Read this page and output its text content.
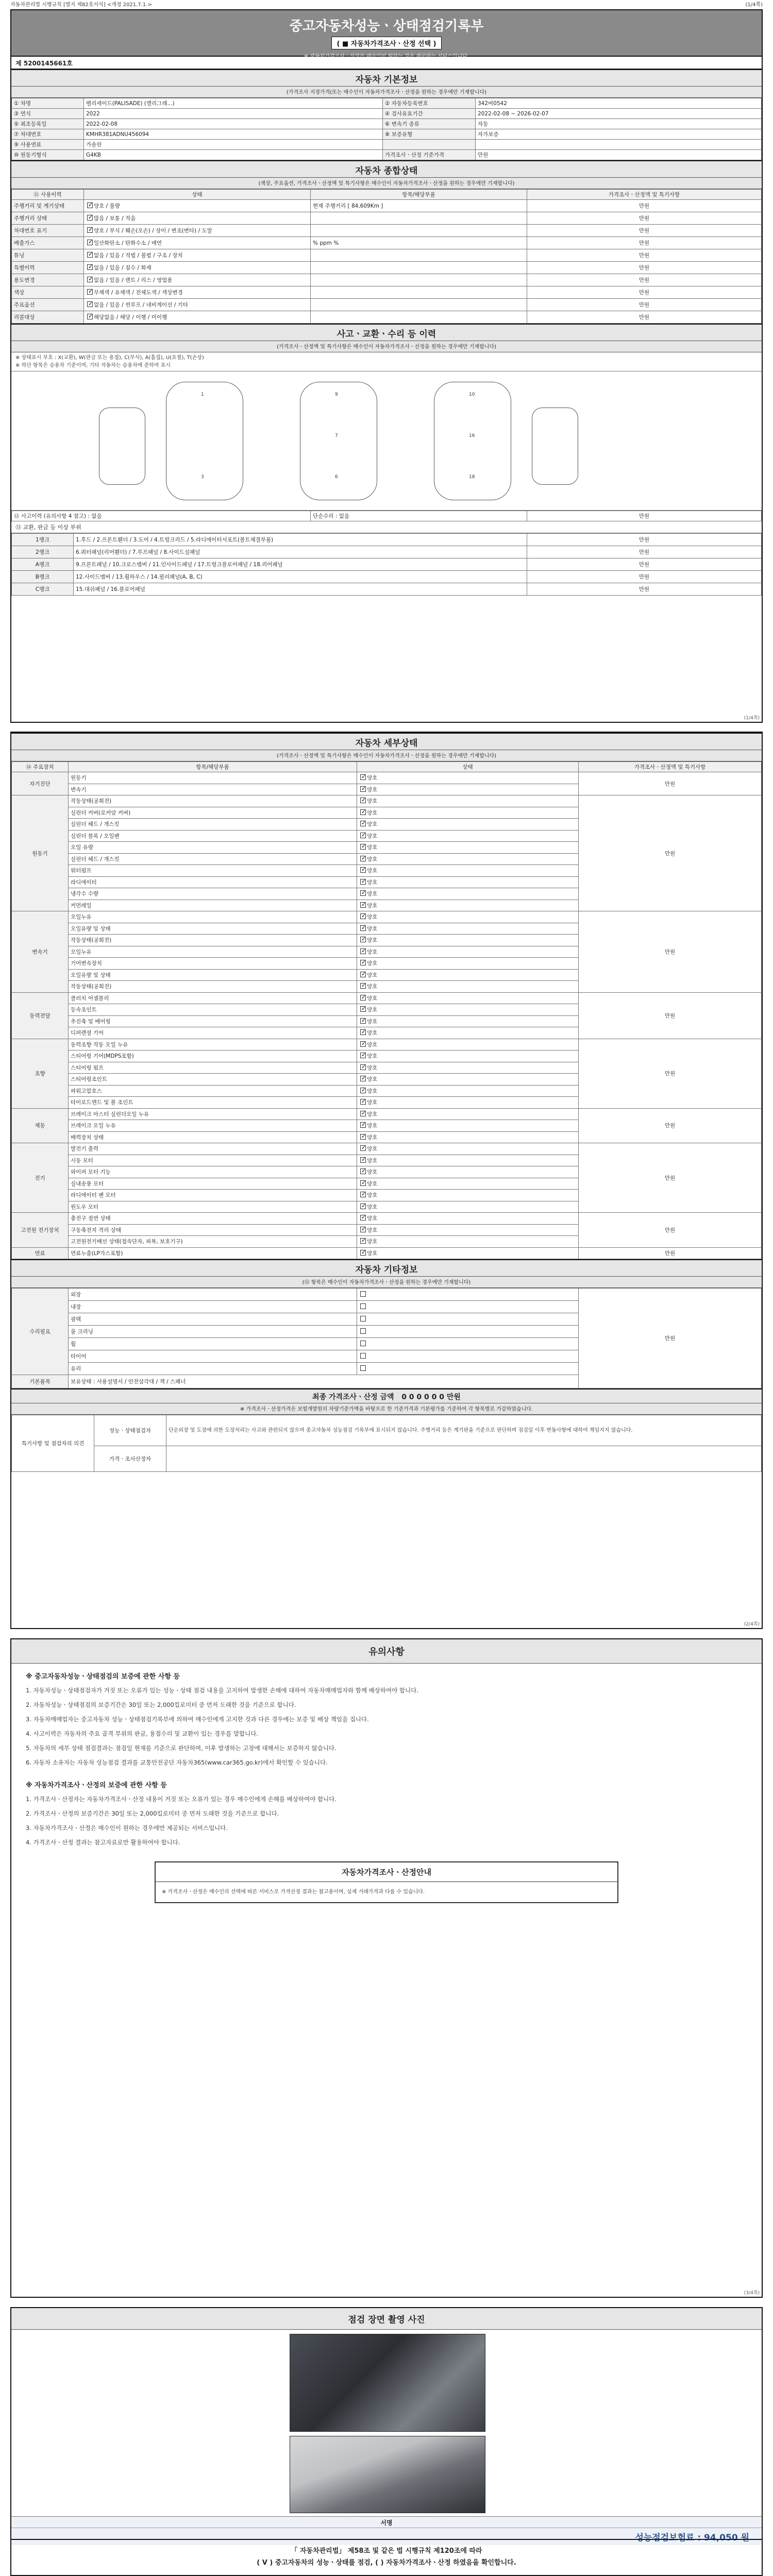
자동차관리법 시행규칙 [별지 제82호서식] <개정 2021.7.1.>	(1/4쪽)
중고자동차성능ㆍ상태점검기록부
( ■ 자동차가격조사ㆍ산정 선택 )
※ 자동차가격조사ㆍ산정은 매수인이 원하는 경우 제공하는 서비스입니다.
제 5200145661호
자동차 기본정보
(가격조사 지정가격(또는 매수인이 자동차가격조사ㆍ산정을 원하는 경우에만 기재합니다)
① 차명	펠리세이드(PALISADE) (캘리그래...)	② 자동차등록번호	342버0542
③ 연식	2022	④ 검사유효기간	2022-02-08 ~ 2026-02-07
⑤ 최초등록일	2022-02-08	⑥ 변속기 종류	자동
⑦ 차대번호	KMHR381ADNU456094	⑧ 보증유형	자가보증
⑨ 사용연료	가솔린		
⑩ 원동기형식	G4KB	가격조사ㆍ산정 기준가격	만원
자동차 종합상태
(색상, 주요옵션, 가격조사ㆍ산정액 및 특기사항은 매수인이 자동차가격조사ㆍ산정을 원하는 경우에만 기재합니다)
⑪ 사용이력	상태	항목/해당부품	가격조사ㆍ산정액 및 특기사항
주행거리 및 계기상태	✓양호 / 불량	현재 주행거리 [ 84,609Km ]	만원
주행거리 상태	✓많음 / 보통 / 적음		만원
차대번호 표기	✓양호 / 부식 / 훼손(오손) / 상이 / 변조(변타) / 도말		만원
배출가스	✓일산화탄소 / 탄화수소 / 매연	% ppm %	만원
튜닝	✓없음 / 있음 / 적법 / 불법 / 구조 / 장치		만원
특별이력	✓없음 / 있음 / 침수 / 화재		만원
용도변경	✓없음 / 있음 / 렌트 / 리스 / 영업용		만원
색상	✓무채색 / 유채색 / 전체도색 / 색상변경		만원
주요옵션	✓없음 / 있음 / 썬루프 / 네비게이션 / 기타		만원
리콜대상	✓해당없음 / 해당 / 이행 / 미이행		만원
사고ㆍ교환ㆍ수리 등 이력
(가격조사ㆍ산정액 및 특기사항은 매수인이 자동차가격조사ㆍ산정을 원하는 경우에만 기재합니다)
※ 상태표시 부호 : X(교환), W(판금 또는 용접), C(부식), A(흠집), U(요철), T(손상)
※ 하단 항목은 승용차 기준이며, 기타 자동차는 승용차에 준하여 표시
1	9
7
10
16
3	6	18
⑫ 사고이력 (유의사항 4 참고) : 없음	단순수리 : 없음	만원
⑬ 교환, 판금 등 이상 부위
1랭크	1.후드 / 2.프론트휀더 / 3.도어 / 4.트렁크리드 / 5.라디에이터서포트(볼트체결부품)	만원
2랭크	6.쿼터패널(리어휀더) / 7.루프패널 / 8.사이드실패널	만원
A랭크	9.프론트패널 / 10.크로스멤버 / 11.인사이드패널 / 17.트렁크플로어패널 / 18.리어패널	만원
B랭크	12.사이드멤버 / 13.휠하우스 / 14.필러패널(A, B, C)	만원
C랭크	15.대쉬패널 / 16.플로어패널	만원
(1/4쪽)
자동차 세부상태
(가격조사ㆍ산정액 및 특기사항은 매수인이 자동차가격조사ㆍ산정을 원하는 경우에만 기재합니다)
⑭ 주요장치	항목/해당부품	상태	가격조사ㆍ산정액 및 특기사항
자기진단	원동기	✓양호	만원
	변속기	✓양호
원동기	작동상태(공회전)	✓양호	만원
	실린더 커버(로커암 커버)	✓양호
	실린더 헤드 / 개스킷	✓양호
	실린더 블록 / 오일팬	✓양호
	오일 유량	✓양호
	실린더 헤드 / 개스킷	✓양호
	워터펌프	✓양호
	라디에이터	✓양호
	냉각수 수량	✓양호
	커먼레일	✓양호
변속기	오일누유	✓양호	만원
	오일유량 및 상태	✓양호
	작동상태(공회전)	✓양호
	오일누유	✓양호
	기어변속장치	✓양호
	오일유량 및 상태	✓양호
	작동상태(공회전)	✓양호
동력전달	클러치 어셈블리	✓양호	만원
	등속조인트	✓양호
	추진축 및 베어링	✓양호
	디퍼렌셜 기어	✓양호
조향	동력조향 작동 오일 누유	✓양호	만원
	스티어링 기어(MDPS포함)	✓양호
	스티어링 펌프	✓양호
	스티어링조인트	✓양호
	파워고압호스	✓양호
	타이로드엔드 및 볼 조인트	✓양호
제동	브레이크 마스터 실린더오일 누유	✓양호	만원
	브레이크 오일 누유	✓양호
	배력장치 상태	✓양호
전기	발전기 출력	✓양호	만원
	시동 모터	✓양호
	와이퍼 모터 기능	✓양호
	실내송풍 모터	✓양호
	라디에이터 팬 모터	✓양호
	윈도우 모터	✓양호
고전원 전기장치	충전구 절연 상태	✓양호	만원
	구동축전지 격리 상태	✓양호
	고전원전기배선 상태(접속단자, 피복, 보호기구)	✓양호
연료	연료누출(LP가스포함)	✓양호	만원
자동차 기타정보
(⑮ 항목은 매수인이 자동차가격조사ㆍ산정을 원하는 경우에만 기재합니다)
수리필요	외장		만원
	내장		
	광택		
	룸 크리닝		
	휠		
	타이어		
	유리		
기본품목	보유상태 : 사용설명서 / 안전삼각대 / 잭 / 스패너		
최종 가격조사ㆍ산정 금액 0 0 0 0 0 0 만원
※ 가격조사ㆍ산정가격은 보험개발원의 차량기준가액을 바탕으로 한 기준가격과 기본평가를 기준하여 각 항목별로 가감하였습니다.
특기사항 및 점검자의 의견	성능ㆍ상태점검자	단순외장 및 도장에 의한 도장처리는 사고와 관련되지 않으며 중고자동차 성능점검 기록부에 표시되지 않습니다. 주행거리 등은 계기판을 기준으로 판단하며 점검일 이후 변동사항에 대하여 책임지지 않습니다.
	가격ㆍ조사산정자	
(2/4쪽)
유의사항
※ 중고자동차성능ㆍ상태점검의 보증에 관한 사항 등
1. 자동차성능ㆍ상태점검자가 거짓 또는 오류가 있는 성능ㆍ상태 점검 내용을 고지하여 발생한 손해에 대하여 자동차매매업자와 함께 배상하여야 합니다.
2. 자동차성능ㆍ상태점검의 보증기간은 30일 또는 2,000킬로미터 중 먼저 도래한 것을 기준으로 합니다.
3. 자동차매매업자는 중고자동차 성능ㆍ상태점검기록부에 의하여 매수인에게 고지한 것과 다른 경우에는 보증 및 배상 책임을 집니다.
4. 사고이력은 자동차의 주요 골격 부위의 판금, 용접수리 및 교환이 있는 경우를 말합니다.
5. 자동차의 세부 상태 점검결과는 점검일 현재를 기준으로 판단하며, 이후 발생하는 고장에 대해서는 보증하지 않습니다.
6. 자동차 소유자는 자동차 성능점검 결과를 교통안전공단 자동차365(www.car365.go.kr)에서 확인할 수 있습니다.
※ 자동차가격조사ㆍ산정의 보증에 관한 사항 등
1. 가격조사ㆍ산정자는 자동차가격조사ㆍ산정 내용이 거짓 또는 오류가 있는 경우 매수인에게 손해를 배상하여야 합니다.
2. 가격조사ㆍ산정의 보증기간은 30일 또는 2,000킬로미터 중 먼저 도래한 것을 기준으로 합니다.
3. 자동차가격조사ㆍ산정은 매수인이 원하는 경우에만 제공되는 서비스입니다.
4. 가격조사ㆍ산정 결과는 참고자료로만 활용하여야 합니다.
자동차가격조사ㆍ산정안내
※ 가격조사ㆍ산정은 매수인의 선택에 따른 서비스로 가격산정 결과는 참고용이며, 실제 거래가격과 다를 수 있습니다.
(3/4쪽)
점검 장면 촬영 사진
서명
성능점검보험료 : 94,050 원
「 자동차관리법」 제58조 및 같은 법 시행규칙 제120조에 따라
( V ) 중고자동차의 성능ㆍ상태를 점검, ( ) 자동차가격조사ㆍ산정 하였음을 확인합니다.
